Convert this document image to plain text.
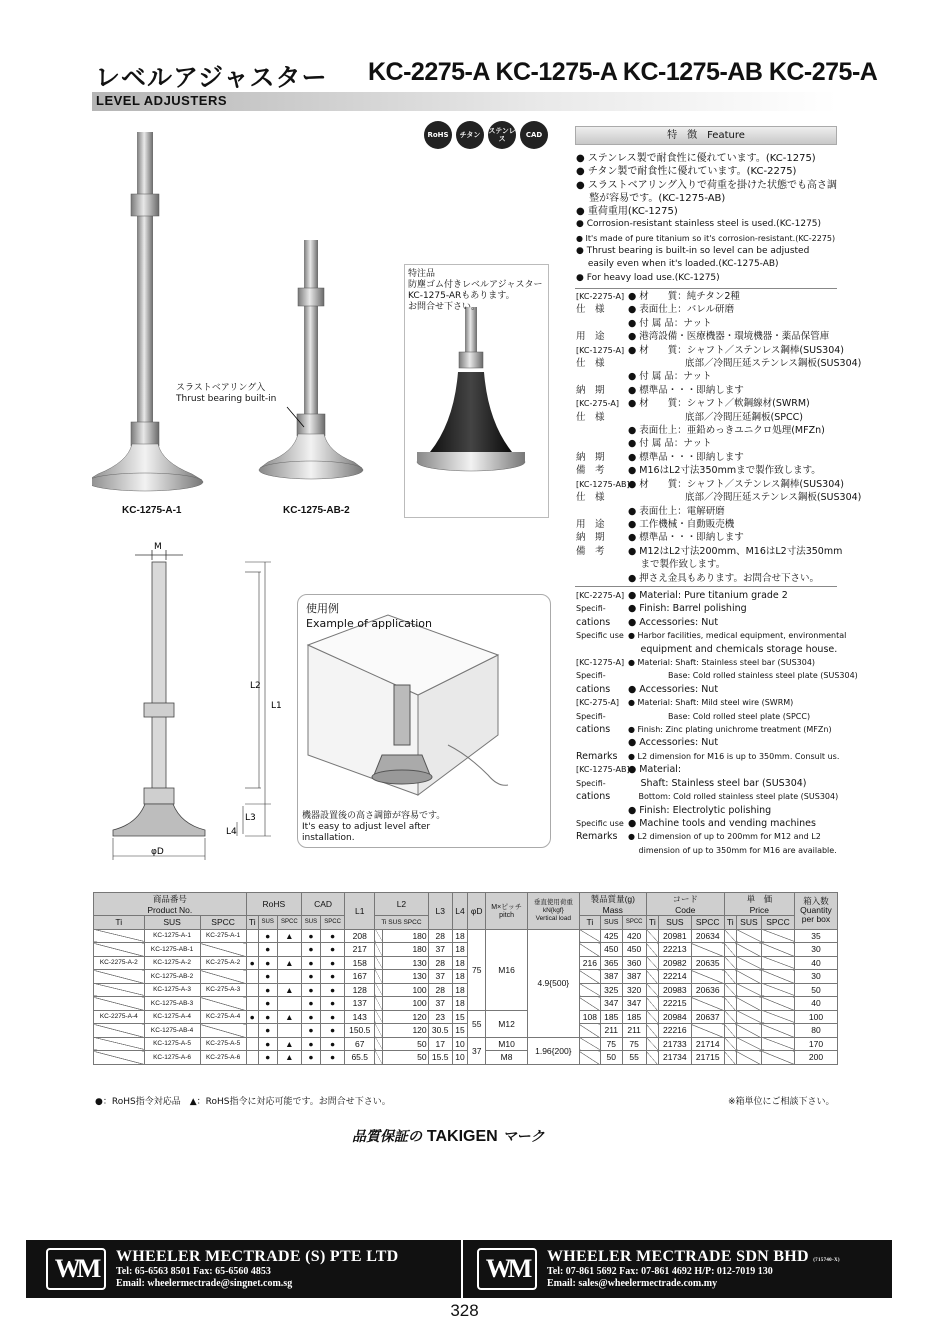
レベルアジャスター KC-2275-A KC-1275-A KC-1275-AB KC-275-A
LEVEL ADJUSTERS
KC-1275-A-1	KC-1275-AB-2
スラストベアリング入
Thrust bearing built-in
特注品
防塵ゴム付きレベルアジャスター
KC-1275-ARもあります。
お問合せ下さい。
RoHS	チタン	ステンレス	CAD	特　徴　Feature
● ステンレス製で耐食性に優れています。(KC-1275)
● チタン製で耐食性に優れています。(KC-2275)
● スラストベアリング入りで荷重を掛けた状態でも高さ調
　 整が容易です。(KC-1275-AB)
● 重荷重用(KC-1275)
● Corrosion-resistant stainless steel is used.(KC-1275)
● It's made of pure titanium so it's corrosion-resistant.(KC-2275)
● Thrust bearing is built-in so level can be adjusted
　 easily even when it's loaded.(KC-1275-AB)
● For heavy load use.(KC-1275)
[KC-2275-A] ● 材　　質：純チタン2種
仕　様	● 表面仕上：バレル研磨
● 付 属 品：ナット
用　途	● 港湾設備・医療機器・環境機器・薬品保管庫
[KC-1275-A] ● 材　　質：シャフト／ステンレス鋼棒(SUS304)
仕　様	　　　　　　底部／冷間圧延ステンレス鋼板(SUS304)
● 付 属 品：ナット
納　期	● 標準品・・・即納します
[KC-275-A] ● 材　　質：シャフト／軟鋼線材(SWRM)
仕　様	　　　　　　底部／冷間圧延鋼板(SPCC)
● 表面仕上：亜鉛めっきユニクロ処理(MFZn)
● 付 属 品：ナット
納　期	● 標準品・・・即納します
備　考	● M16はL2寸法350mmまで製作致します。
[KC-1275-AB]
● 材　　質：シャフト／ステンレス鋼棒(SUS304)
仕　様	　　　　　　底部／冷間圧延ステンレス鋼板(SUS304)
● 表面仕上：電解研磨
用　途	● 工作機械・自動販売機
納　期	● 標準品・・・即納します
備　考	● M12はL2寸法200mm、M16はL2寸法350mm
　 まで製作致します。
● 押さえ金具もあります。お問合せ下さい。
[KC-2275-A] ● Material: Pure titanium grade 2
Specifi-	● Finish: Barrel polishing
cations	● Accessories: Nut
Specific use ● Harbor facilities, medical equipment, environmental
　 equipment and chemicals storage house.
[KC-1275-A] ● Material: Shaft: Stainless steel bar (SUS304)
Specifi-	　　　　　Base: Cold rolled stainless steel plate (SUS304)
cations	● Accessories: Nut
[KC-275-A]	● Material: Shaft: Mild steel wire (SWRM)
Specifi-	　　　　　Base: Cold rolled steel plate (SPCC)
cations	● Finish: Zinc plating unichrome treatment (MFZn)
● Accessories: Nut
Remarks	● L2 dimension for M16 is up to 350mm. Consult us.
[KC-1275-AB]
● Material:
Specifi-	　 Shaft: Stainless steel bar (SUS304)
cations	　 Bottom: Cold rolled stainless steel plate (SUS304)
● Finish: Electrolytic polishing
Specific use ● Machine tools and vending machines
Remarks	● L2 dimension of up to 200mm for M12 and L2
　 dimension of up to 350mm for M16 are available.
M
L2
L1
L3
L4
φD
使用例
Example of application
機器設置後の高さ調節が容易です。
It's easy to adjust level after
installation.
商品番号
Product No.			RoHS			CAD		L1	L2		L3	L4	φD	M×ピッチ
pitch	垂直使用荷重
kN{kgf}
Vertical load	製品質量(g)
Mass			コード
Code			単　価
Price			箱入数
Quantity
per box
Ti	SUS	SPCC	Ti	SUS	SPCC	SUS	SPCC		Ti SUS SPCC							Ti	SUS	SPCC	Ti	SUS	SPCC	Ti	SUS	SPCC	
	KC-1275-A-1	KC-275-A-1		●	▲	●	●	208		180	28	18	75	M16	4.9{500}		425	420		20981	20634				35
	KC-1275-AB-1			●		●	●	217		180	37	18					450	450		22213					30
KC-2275-A-2	KC-1275-A-2	KC-275-A-2	●	●	▲	●	●	158		130	28	18				216	365	360		20982	20635				40
	KC-1275-AB-2			●		●	●	167		130	37	18					387	387		22214					30
	KC-1275-A-3	KC-275-A-3		●	▲	●	●	128		100	28	18					325	320		20983	20636				50
	KC-1275-AB-3			●		●	●	137		100	37	18					347	347		22215					40
KC-2275-A-4	KC-1275-A-4	KC-275-A-4	●	●	▲	●	●	143		120	23	15	55	M12		108	185	185		20984	20637				100
	KC-1275-AB-4			●		●	●	150.5		120	30.5	15					211	211		22216					80
	KC-1275-A-5	KC-275-A-5		●	▲	●	●	67		50	17	10	37	M10	1.96{200}		75	75		21733	21714				170
	KC-1275-A-6	KC-275-A-6		●	▲	●	●	65.5		50	15.5	10		M8			50	55		21734	21715				200
●：RoHS指令対応品　▲：RoHS指令に対応可能です。お問合せ下さい。	※箱単位にご相談下さい。
品質保証の TAKIGEN マーク
WM	WHEELER MECTRADE (S) PTE LTD
Tel: 65-6563 8501 Fax: 65-6560 4853
Email: wheelermectrade@singnet.com.sg
WM	WHEELER MECTRADE SDN BHD (715740-X)
Tel: 07-861 5692 Fax: 07-861 4692 H/P: 012-7019 130
Email: sales@wheelermectrade.com.my
328
